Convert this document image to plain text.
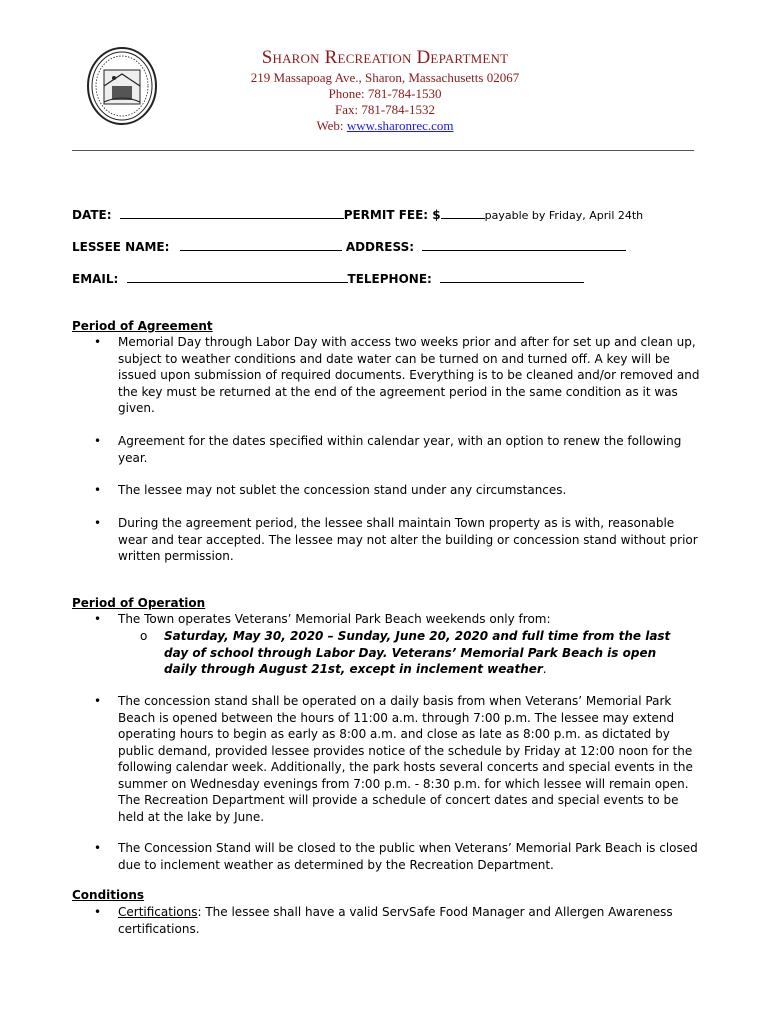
Sharon Recreation Department
219 Massapoag Ave., Sharon, Massachusetts 02067
Phone: 781-784-1530
Fax: 781-784-1532
Web: www.sharonrec.com
DATE:	PERMIT FEE: $	payable by Friday, April 24th
LESSEE NAME:	ADDRESS:
EMAIL:	TELEPHONE:
Period of Agreement
• Memorial Day through Labor Day with access two weeks prior and after for set up and clean up, subject to weather conditions and date water can be turned on and turned off. A key will be issued upon submission of required documents. Everything is to be cleaned and/or removed and the key must be returned at the end of the agreement period in the same condition as it was given.
• Agreement for the dates specified within calendar year, with an option to renew the following year.
• The lessee may not sublet the concession stand under any circumstances.
• During the agreement period, the lessee shall maintain Town property as is with, reasonable wear and tear accepted. The lessee may not alter the building or concession stand without prior written permission.
Period of Operation
• The Town operates Veterans’ Memorial Park Beach weekends only from:
o Saturday, May 30, 2020 – Sunday, June 20, 2020 and full time from the last day of school through Labor Day. Veterans’ Memorial Park Beach is open daily through August 21st, except in inclement weather.
• The concession stand shall be operated on a daily basis from when Veterans’ Memorial Park Beach is opened between the hours of 11:00 a.m. through 7:00 p.m. The lessee may extend operating hours to begin as early as 8:00 a.m. and close as late as 8:00 p.m. as dictated by public demand, provided lessee provides notice of the schedule by Friday at 12:00 noon for the following calendar week. Additionally, the park hosts several concerts and special events in the summer on Wednesday evenings from 7:00 p.m. - 8:30 p.m. for which lessee will remain open. The Recreation Department will provide a schedule of concert dates and special events to be held at the lake by June.
• The Concession Stand will be closed to the public when Veterans’ Memorial Park Beach is closed due to inclement weather as determined by the Recreation Department.
Conditions
• Certifications: The lessee shall have a valid ServSafe Food Manager and Allergen Awareness certifications.
